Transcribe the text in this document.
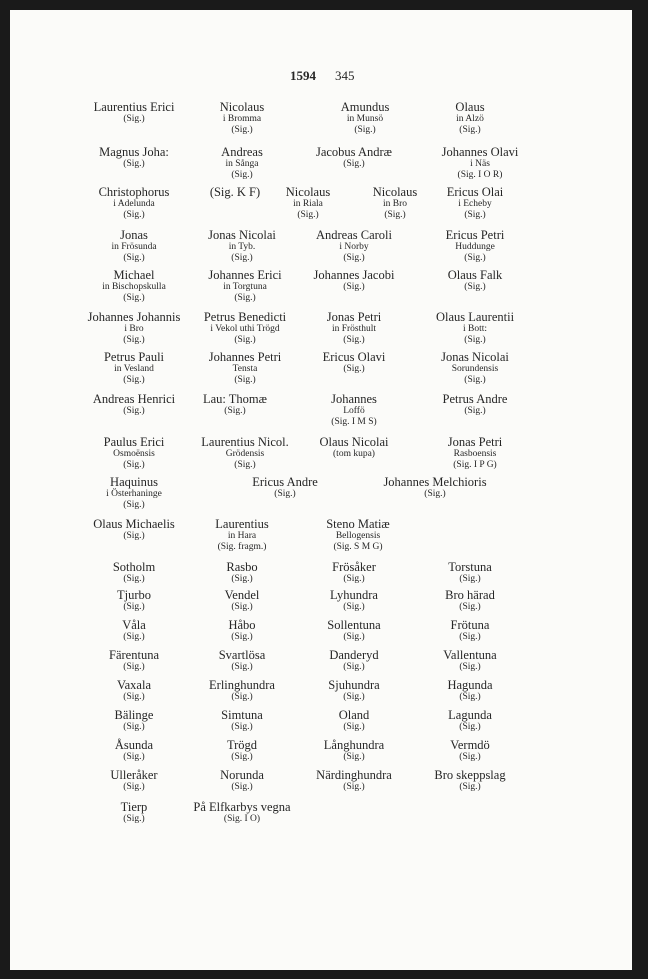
1594 345
Laurentius Erici
(Sig.)
Nicolaus
i Bromma
(Sig.)
Amundus
in Munsö
(Sig.)
Olaus
in Alzö
(Sig.)
Magnus Joha:
(Sig.)
Andreas
in Sånga
(Sig.)
Jacobus Andræ
(Sig.)
Johannes Olavi
i Näs
(Sig. I O R)
Christophorus
i Adelunda
(Sig.)
(Sig. K F) Nicolaus
in Riala
(Sig.)
Nicolaus
in Bro
(Sig.)
Ericus Olai
i Echeby
(Sig.)
Jonas
in Frösunda
(Sig.)
Jonas Nicolai
in Tyb.
(Sig.)
Andreas Caroli
i Norby
(Sig.)
Ericus Petri
Huddunge
(Sig.)
Michael
in Bischopskulla
(Sig.)
Johannes Erici
in Torgtuna
(Sig.)
Johannes Jacobi
(Sig.)
Olaus Falk
(Sig.)
Johannes Johannis
i Bro
(Sig.)
Petrus Benedicti
i Vekol uthi Trögd
(Sig.)
Jonas Petri
in Frösthult
(Sig.)
Olaus Laurentii
i Bott:
(Sig.)
Petrus Pauli
in Vesland
(Sig.)
Johannes Petri
Tensta
(Sig.)
Ericus Olavi
(Sig.)
Jonas Nicolai
Sorundensis
(Sig.)
Andreas Henrici
(Sig.)
Lau: Thomæ
(Sig.)
Johannes
Loffö
(Sig. I M S)
Petrus Andre
(Sig.)
Paulus Erici
Osmoënsis
(Sig.)
Laurentius Nicol.
Grödensis
(Sig.)
Olaus Nicolai
(tom kupa)
Jonas Petri
Rasboensis
(Sig. I P G)
Haquinus
i Österhaninge
(Sig.)
Ericus Andre
(Sig.)
Johannes Melchioris
(Sig.)
Olaus Michaelis
(Sig.)
Laurentius
in Hara
(Sig. fragm.)
Steno Matiæ
Bellogensis
(Sig. S M G)
Sotholm
(Sig.)
Rasbo
(Sig.)
Frösåker
(Sig.)
Torstuna
(Sig.)
Tjurbo
(Sig.)
Vendel
(Sig.)
Lyhundra
(Sig.)
Bro härad
(Sig.)
Våla
(Sig.)
Håbo
(Sig.)
Sollentuna
(Sig.)
Frötuna
(Sig.)
Färentuna
(Sig.)
Svartlösa
(Sig.)
Danderyd
(Sig.)
Vallentuna
(Sig.)
Vaxala
(Sig.)
Erlinghundra
(Sig.)
Sjuhundra
(Sig.)
Hagunda
(Sig.)
Bälinge
(Sig.)
Simtuna
(Sig.)
Oland
(Sig.)
Lagunda
(Sig.)
Åsunda
(Sig.)
Trögd
(Sig.)
Långhundra
(Sig.)
Vermdö
(Sig.)
Ulleråker
(Sig.)
Norunda
(Sig.)
Närdinghundra
(Sig.)
Bro skeppslag
(Sig.)
Tierp
(Sig.)
På Elfkarbys vegna
(Sig. I O)
